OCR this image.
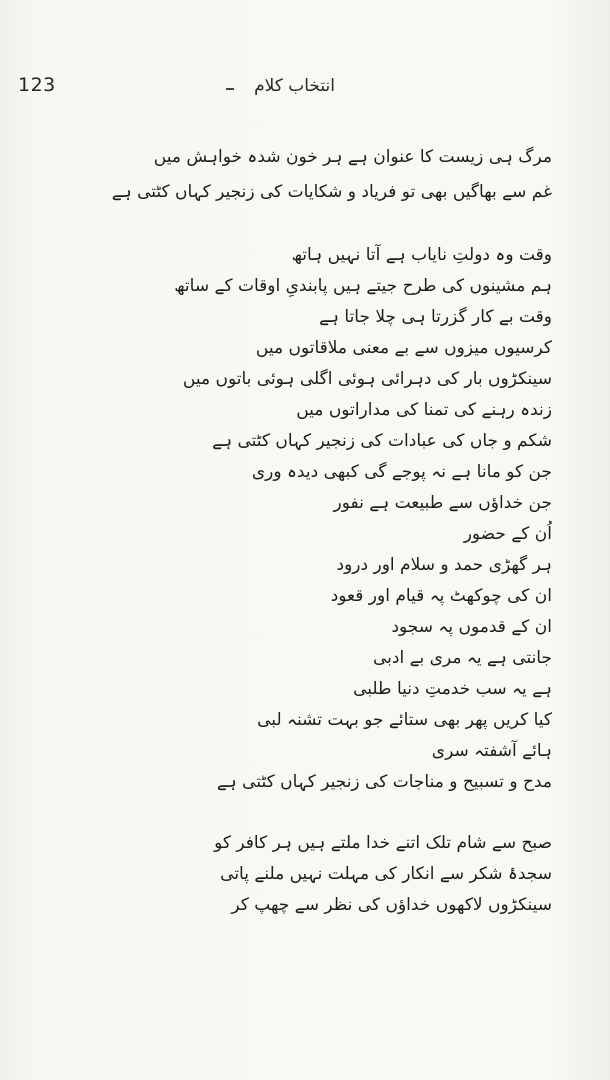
123	انتخاب کلام
مرگ ہی زیست کا عنوان ہے ہر خون شدہ خواہش میں
غم سے بھاگیں بھی تو فریاد و شکایات کی زنجیر کہاں کٹتی ہے
وقت وہ دولتِ نایاب ہے آتا نہیں ہاتھ
ہم مشینوں کی طرح جیتے ہیں پابندیِ اوقات کے ساتھ
وقت بے کار گزرتا ہی چلا جاتا ہے
کرسیوں میزوں سے بے معنی ملاقاتوں میں
سینکڑوں بار کی دہرائی ہوئی اگلی ہوئی باتوں میں
زندہ رہنے کی تمنا کی مداراتوں میں
شکم و جاں کی عبادات کی زنجیر کہاں کٹتی ہے
جن کو مانا ہے نہ پوجے گی کبھی دیدہ وری
جن خداؤں سے طبیعت ہے نفور
اُن کے حضور
ہر گھڑی حمد و سلام اور درود
ان کی چوکھٹ پہ قیام اور قعود
ان کے قدموں پہ سجود
جانتی ہے یہ مری بے ادبی
ہے یہ سب خدمتِ دنیا طلبی
کیا کریں پھر بھی ستائے جو بہت تشنہ لبی
ہائے آشفتہ سری
مدح و تسبیح و مناجات کی زنجیر کہاں کٹتی ہے
صبح سے شام تلک اتنے خدا ملتے ہیں ہر کافر کو
سجدۂ شکر سے انکار کی مہلت نہیں ملنے پاتی
سینکڑوں لاکھوں خداؤں کی نظر سے چھپ کر
